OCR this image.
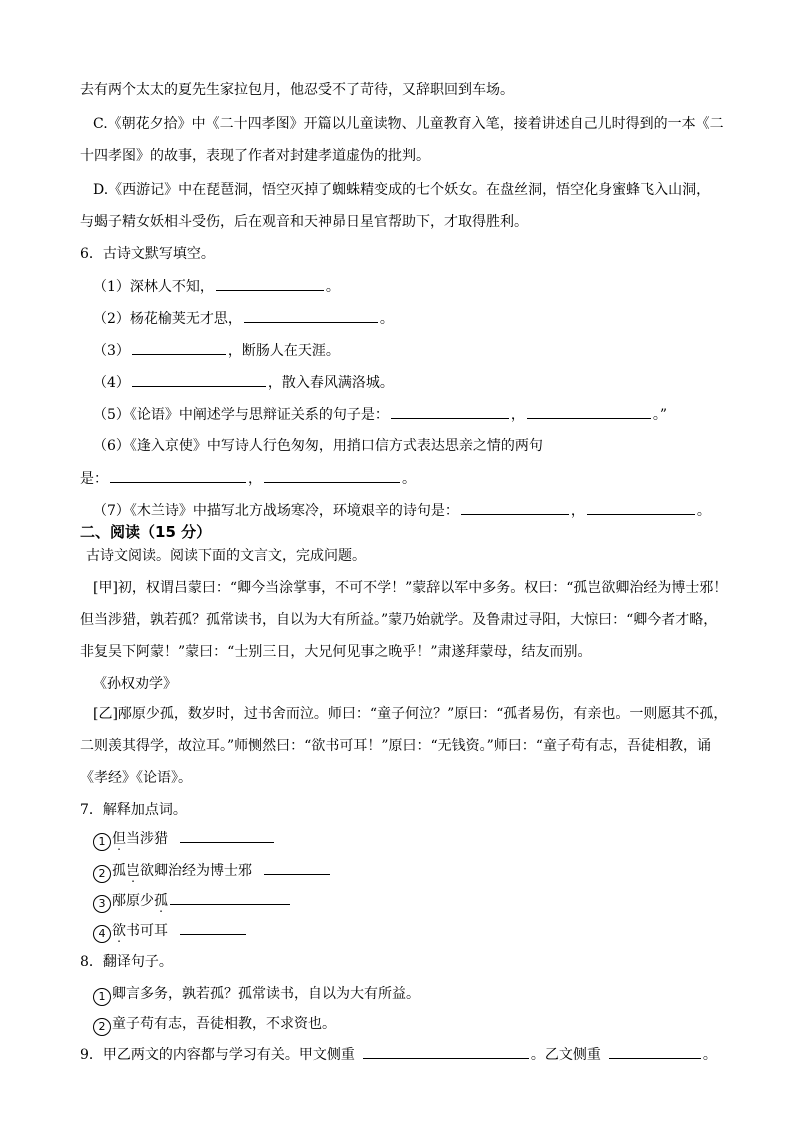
去有两个太太的夏先生家拉包月，他忍受不了苛待，又辞职回到车场。
C.《朝花夕拾》中《二十四孝图》开篇以儿童读物、儿童教育入笔，接着讲述自己儿时得到的一本《二
十四孝图》的故事，表现了作者对封建孝道虚伪的批判。
D.《西游记》中在琵琶洞，悟空灭掉了蜘蛛精变成的七个妖女。在盘丝洞，悟空化身蜜蜂飞入山洞，
与蝎子精女妖相斗受伤，后在观音和天神昴日星官帮助下，才取得胜利。
6．古诗文默写填空。
（1）深林人不知，	。
（2）杨花榆荚无才思，	。
（3）	，断肠人在天涯。
（4）	，散入春风满洛城。
（5）《论语》中阐述学与思辩证关系的句子是：	，	。”
（6）《逢入京使》中写诗人行色匆匆，用捎口信方式表达思亲之情的两句
是：	，	。
（7）《木兰诗》中描写北方战场寒冷，环境艰辛的诗句是：	，	。
二、阅读（15 分）
古诗文阅读。阅读下面的文言文，完成问题。
[甲]初，权谓吕蒙曰：“卿今当涂掌事，不可不学！”蒙辞以军中多务。权曰：“孤岂欲卿治经为博士邪！
但当涉猎，孰若孤？孤常读书，自以为大有所益。”蒙乃始就学。及鲁肃过寻阳，大惊曰：“卿今者才略，
非复吴下阿蒙！”蒙曰：“士别三日，大兄何见事之晚乎！”肃遂拜蒙母，结友而别。
《孙权劝学》
[乙]邴原少孤，数岁时，过书舍而泣。师曰：“童子何泣？”原曰：“孤者易伤，有亲也。一则愿其不孤，
二则羡其得学，故泣耳。”师恻然曰：“欲书可耳！”原曰：“无钱资。”师曰：“童子苟有志，吾徒相教，诵
《孝经》《论语》。
7．解释加点词。
1 但当涉猎
2 孤岂欲卿治经为博士邪
3 邴原少孤
4 欲书可耳
8．翻译句子。
1 卿言多务，孰若孤？孤常读书，自以为大有所益。
2 童子苟有志，吾徒相教，不求资也。
9．甲乙两文的内容都与学习有关。甲文侧重	。乙文侧重	。
